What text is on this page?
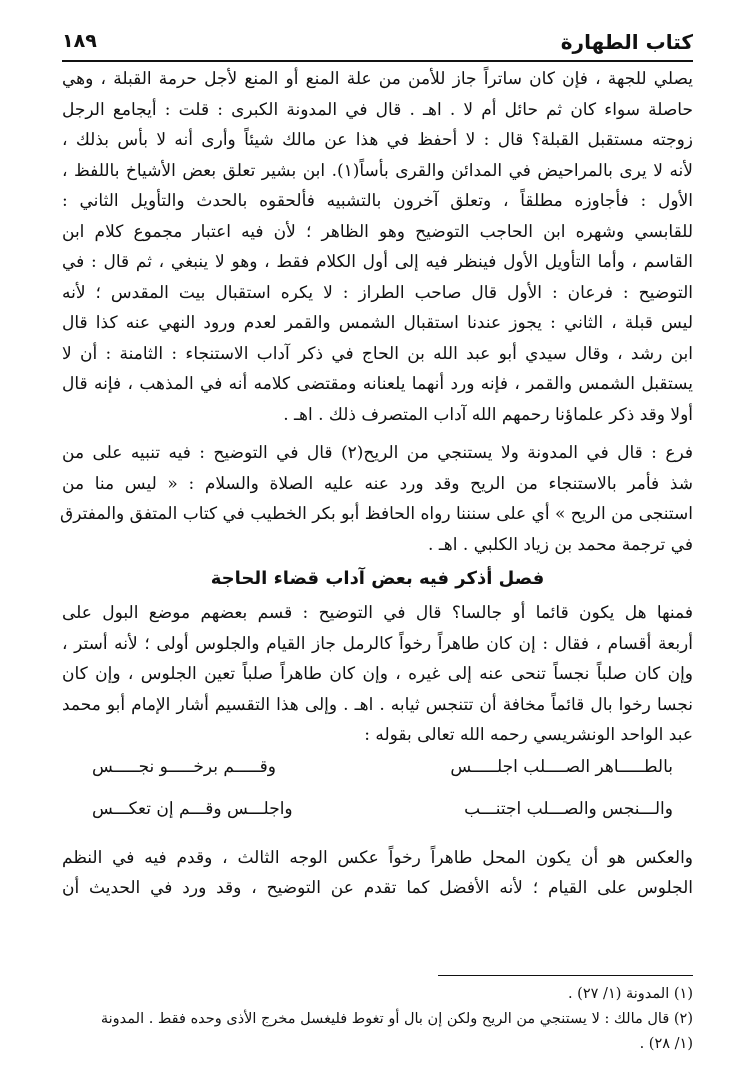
كتاب الطهارة
١٨٩
يصلي للجهة ، فإن كان ساتراً جاز للأمن من علة المنع أو المنع لأجل حرمة القبلة ، وهي
حاصلة سواء كان ثم حائل أم لا . اهـ . قال في المدونة الكبرى : قلت : أيجامع الرجل
زوجته مستقبل القبلة؟ قال : لا أحفظ في هذا عن مالك شيئاً وأرى أنه لا بأس بذلك ،
لأنه لا يرى بالمراحيض في المدائن والقرى بأساً(١). ابن بشير تعلق بعض الأشياخ باللفظ ،
الأول : فأجاوزه مطلقاً ، وتعلق آخرون بالتشبيه فألحقوه بالحدث والتأويل الثاني :
للقابسي وشهره ابن الحاجب التوضيح وهو الظاهر ؛ لأن فيه اعتبار مجموع كلام ابن
القاسم ، وأما التأويل الأول فينظر فيه إلى أول الكلام فقط ، وهو لا ينبغي ، ثم قال : في
التوضيح : فرعان : الأول قال صاحب الطراز : لا يكره استقبال بيت المقدس ؛ لأنه
ليس قبلة ، الثاني : يجوز عندنا استقبال الشمس والقمر لعدم ورود النهي عنه كذا قال
ابن رشد ، وقال سيدي أبو عبد الله بن الحاج في ذكر آداب الاستنجاء : الثامنة : أن لا
يستقبل الشمس والقمر ، فإنه ورد أنهما يلعنانه ومقتضى كلامه أنه في المذهب ، فإنه قال
أولا وقد ذكر علماؤنا رحمهم الله آداب المتصرف ذلك . اهـ .
فرع : قال في المدونة ولا يستنجي من الريح(٢) قال في التوضيح : فيه تنبيه على من
شذ فأمر بالاستنجاء من الريح وقد ورد عنه عليه الصلاة والسلام : « ليس منا من
استنجى من الريح » أي على سنننا رواه الحافظ أبو بكر الخطيب في كتاب المتفق والمفترق
في ترجمة محمد بن زياد الكلبي . اهـ .
فصل أذكر فيه بعض آداب قضاء الحاجة
فمنها هل يكون قائما أو جالسا؟ قال في التوضيح : قسم بعضهم موضع البول على
أربعة أقسام ، فقال : إن كان طاهراً رخواً كالرمل جاز القيام والجلوس أولى ؛ لأنه أستر ،
وإن كان صلباً نجساً تنحى عنه إلى غيره ، وإن كان طاهراً صلباً تعين الجلوس ، وإن كان
نجسا رخوا بال قائماً مخافة أن تتنجس ثيابه . اهـ . وإلى هذا التقسيم أشار الإمام أبو محمد
عبد الواحد الونشريسي رحمه الله تعالى بقوله :
بالطـــــاهر الصــــلب اجلـــــس
وقـــــم برخـــــو نجـــــس
والـــنجس والصـــلب اجتنـــب
واجلـــس وقـــم إن تعكـــس
والعكس هو أن يكون المحل طاهراً رخواً عكس الوجه الثالث ، وقدم فيه في النظم
الجلوس على القيام ؛ لأنه الأفضل كما تقدم عن التوضيح ، وقد ورد في الحديث أن
(١) المدونة (١/ ٢٧) .
(٢) قال مالك : لا يستنجي من الريح ولكن إن بال أو تغوط فليغسل مخرج الأذى وحده فقط . المدونة
(١/ ٢٨) .
